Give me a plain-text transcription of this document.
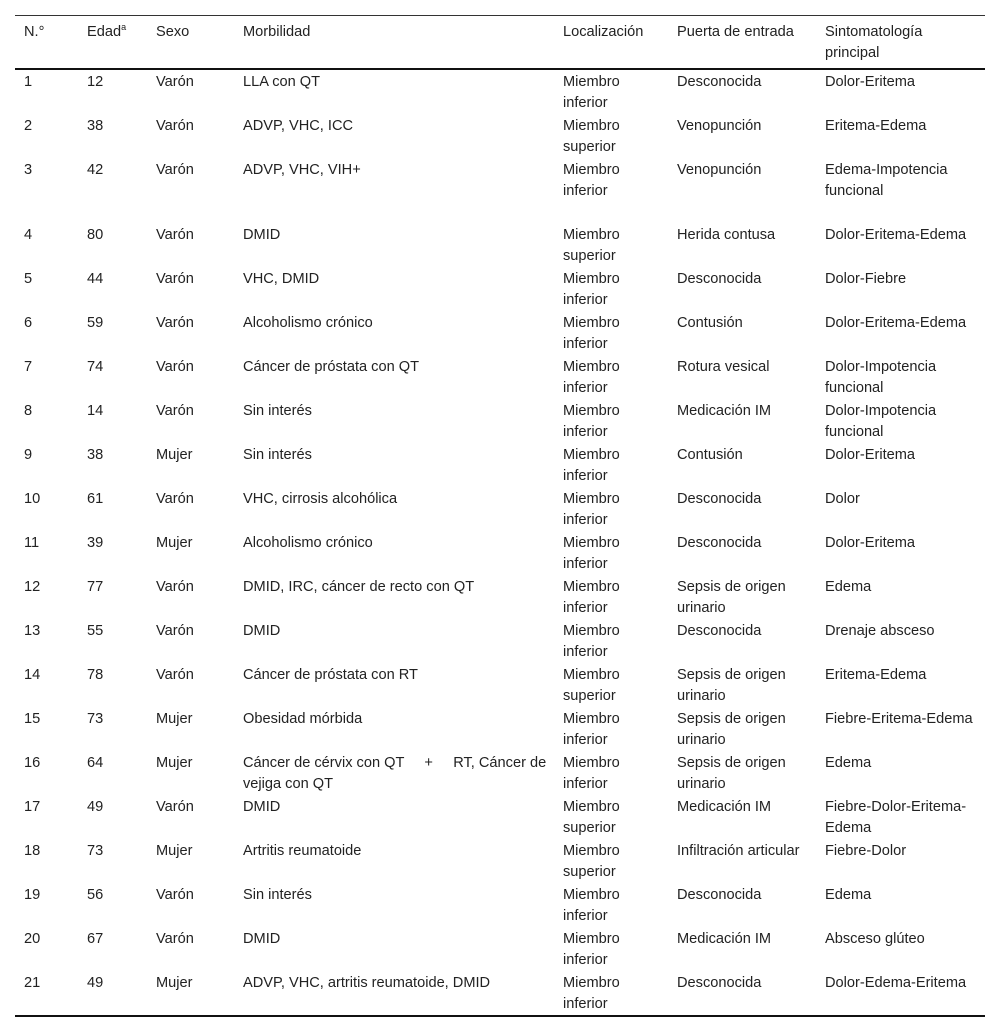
N.°	Edad$^a$	Sexo	Morbilidad	Localización	Puerta de entrada	Sintomatología principal
1	12	Varón	LLA con QT	Miembro inferior	Desconocida	Dolor-Eritema
2	38	Varón	ADVP, VHC, ICC	Miembro superior	Venopunción	Eritema-Edema
3	42	Varón	ADVP, VHC, VIH+	Miembro inferior	Venopunción	Edema-Impotencia funcional
4	80	Varón	DMID	Miembro superior	Herida contusa	Dolor-Eritema-Edema
5	44	Varón	VHC, DMID	Miembro inferior	Desconocida	Dolor-Fiebre
6	59	Varón	Alcoholismo crónico	Miembro inferior	Contusión	Dolor-Eritema-Edema
7	74	Varón	Cáncer de próstata con QT	Miembro inferior	Rotura vesical	Dolor-Impotencia funcional
8	14	Varón	Sin interés	Miembro inferior	Medicación IM	Dolor-Impotencia funcional
9	38	Mujer	Sin interés	Miembro inferior	Contusión	Dolor-Eritema
10	61	Varón	VHC, cirrosis alcohólica	Miembro inferior	Desconocida	Dolor
11	39	Mujer	Alcoholismo crónico	Miembro inferior	Desconocida	Dolor-Eritema
12	77	Varón	DMID, IRC, cáncer de recto con QT	Miembro inferior	Sepsis de origen urinario	Edema
13	55	Varón	DMID	Miembro inferior	Desconocida	Drenaje absceso
14	78	Varón	Cáncer de próstata con RT	Miembro superior	Sepsis de origen urinario	Eritema-Edema
15	73	Mujer	Obesidad mórbida	Miembro inferior	Sepsis de origen urinario	Fiebre-Eritema-Edema
16	64	Mujer	Cáncer de cérvix con QT     +     RT, Cáncer de vejiga con QT	Miembro inferior	Sepsis de origen urinario	Edema
17	49	Varón	DMID	Miembro superior	Medicación IM	Fiebre-Dolor-Eritema-Edema
18	73	Mujer	Artritis reumatoide	Miembro superior	Infiltración articular	Fiebre-Dolor
19	56	Varón	Sin interés	Miembro inferior	Desconocida	Edema
20	67	Varón	DMID	Miembro inferior	Medicación IM	Absceso glúteo
21	49	Mujer	ADVP, VHC, artritis reumatoide, DMID	Miembro inferior	Desconocida	Dolor-Edema-Eritema
